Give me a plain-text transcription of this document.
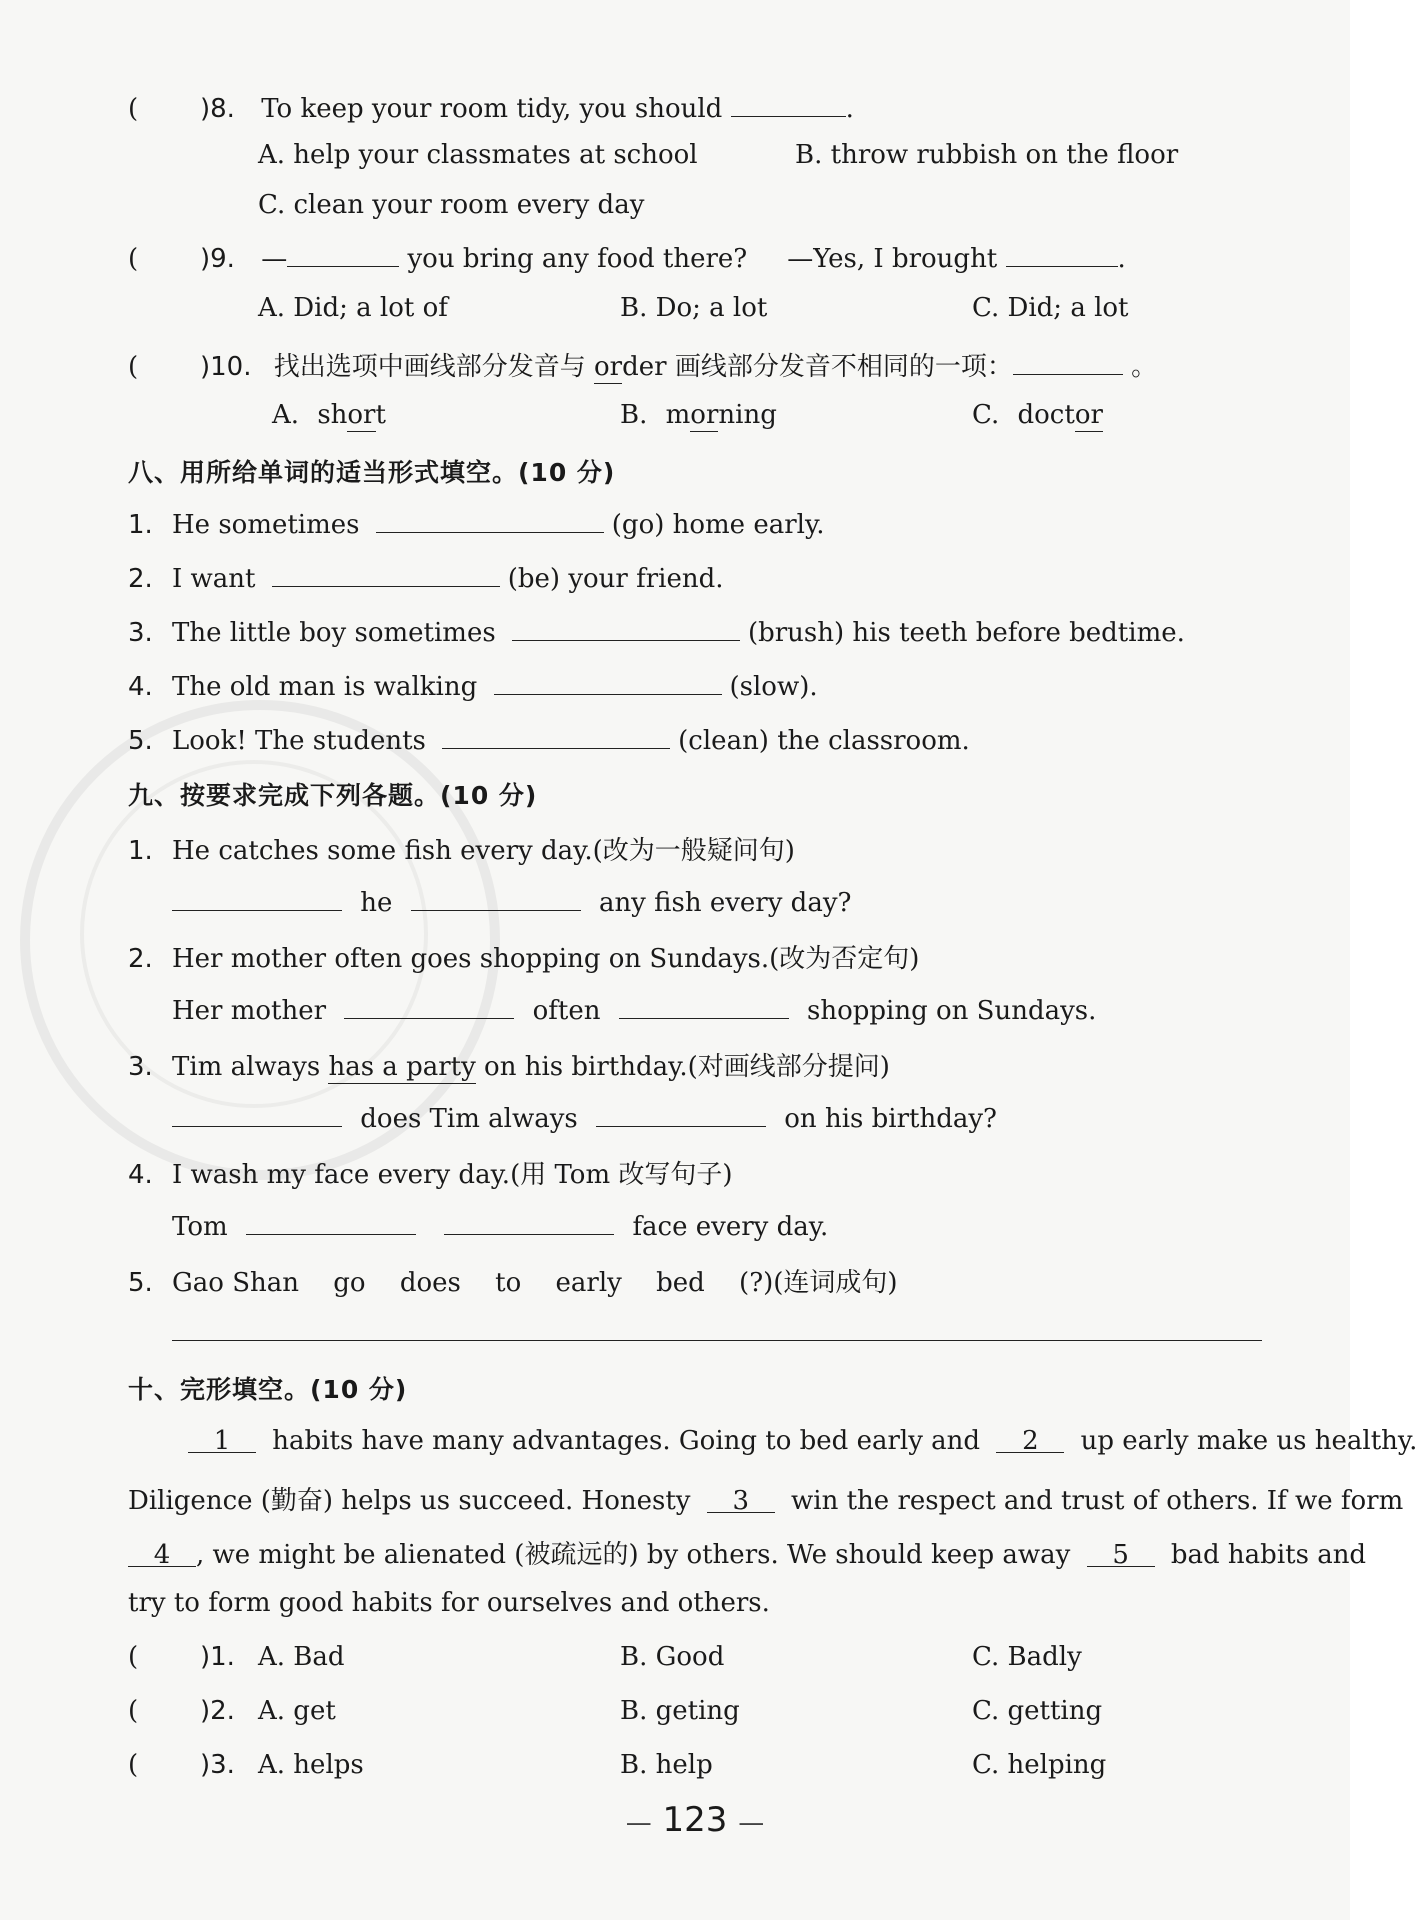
( )8. To keep your room tidy, you should	.
A. help your classmates at school	B. throw rubbish on the floor
C. clean your room every day
( )9. —	you bring any food there? —Yes, I brought	.
A. Did; a lot of	B. Do; a lot	C. Did; a lot
( )10. 找出选项中画线部分发音与 order 画线部分发音不相同的一项：	。
A. short	B. morning	C. doctor
八、用所给单词的适当形式填空。(10 分)
1. He sometimes	(go) home early.
2. I want	(be) your friend.
3. The little boy sometimes	(brush) his teeth before bedtime.
4. The old man is walking	(slow).
5. Look! The students	(clean) the classroom.
九、按要求完成下列各题。(10 分)
1. He catches some fish every day.(改为一般疑问句)
he	any fish every day?
2. Her mother often goes shopping on Sundays.(改为否定句)
Her mother	often	shopping on Sundays.
3. Tim always has a party on his birthday.(对画线部分提问)
does Tim always	on his birthday?
4. I wash my face every day.(用 Tom 改写句子)
Tom	face every day.
5. Gao Shan go does to early bed (?)(连词成句)
十、完形填空。(10 分)
1 habits have many advantages. Going to bed early and 2 up early make us healthy.
Diligence (勤奋) helps us succeed. Honesty 3 win the respect and trust of others. If we form
4 , we might be alienated (被疏远的) by others. We should keep away 5 bad habits and
try to form good habits for ourselves and others.
( )1. A. Bad	B. Good	C. Badly
( )2. A. get	B. geting	C. getting
( )3. A. helps	B. help	C. helping
— 123 —
